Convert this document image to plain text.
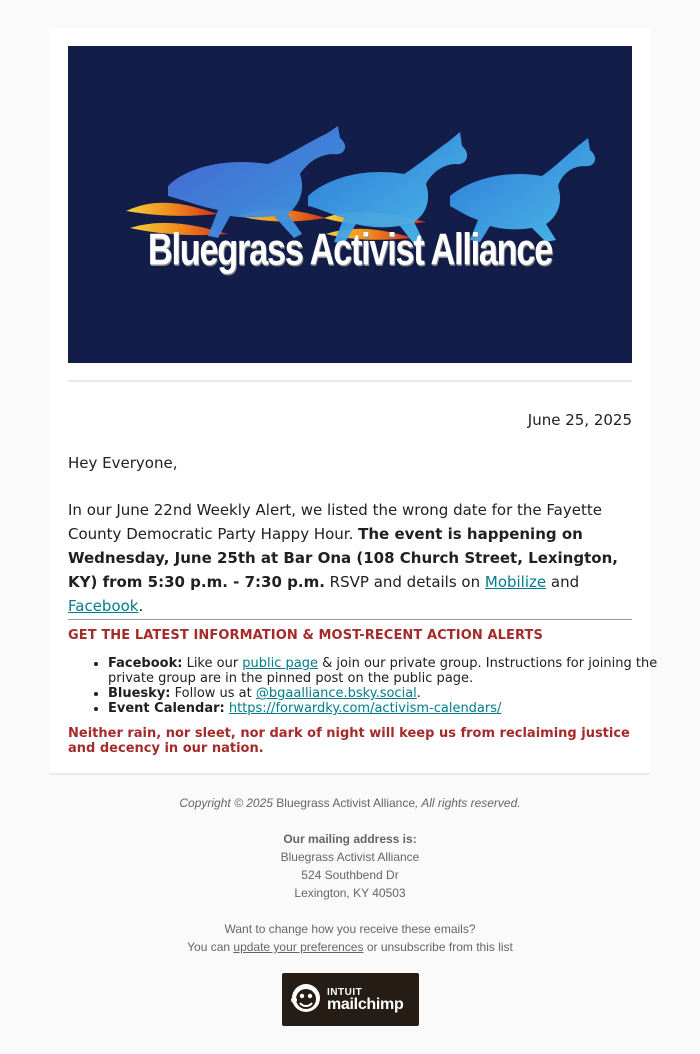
Bluegrass Activist Alliance
June 25, 2025
Hey Everyone,
In our June 22nd Weekly Alert, we listed the wrong date for the Fayette County Democratic Party Happy Hour. The event is happening on Wednesday, June 25th at Bar Ona (108 Church Street, Lexington, KY) from 5:30 p.m. - 7:30 p.m. RSVP and details on Mobilize and Facebook.
GET THE LATEST INFORMATION & MOST-RECENT ACTION ALERTS
• Facebook: Like our public page & join our private group. Instructions for joining the private group are in the pinned post on the public page.
• Bluesky: Follow us at @bgaalliance.bsky.social.
• Event Calendar: https://forwardky.com/activism-calendars/
Neither rain, nor sleet, nor dark of night will keep us from reclaiming justice and decency in our nation.
Copyright © 2025 Bluegrass Activist Alliance, All rights reserved.
Our mailing address is:
Bluegrass Activist Alliance
524 Southbend Dr
Lexington, KY 40503
Want to change how you receive these emails?
You can update your preferences or unsubscribe from this list
INTUIT
mailchimp
